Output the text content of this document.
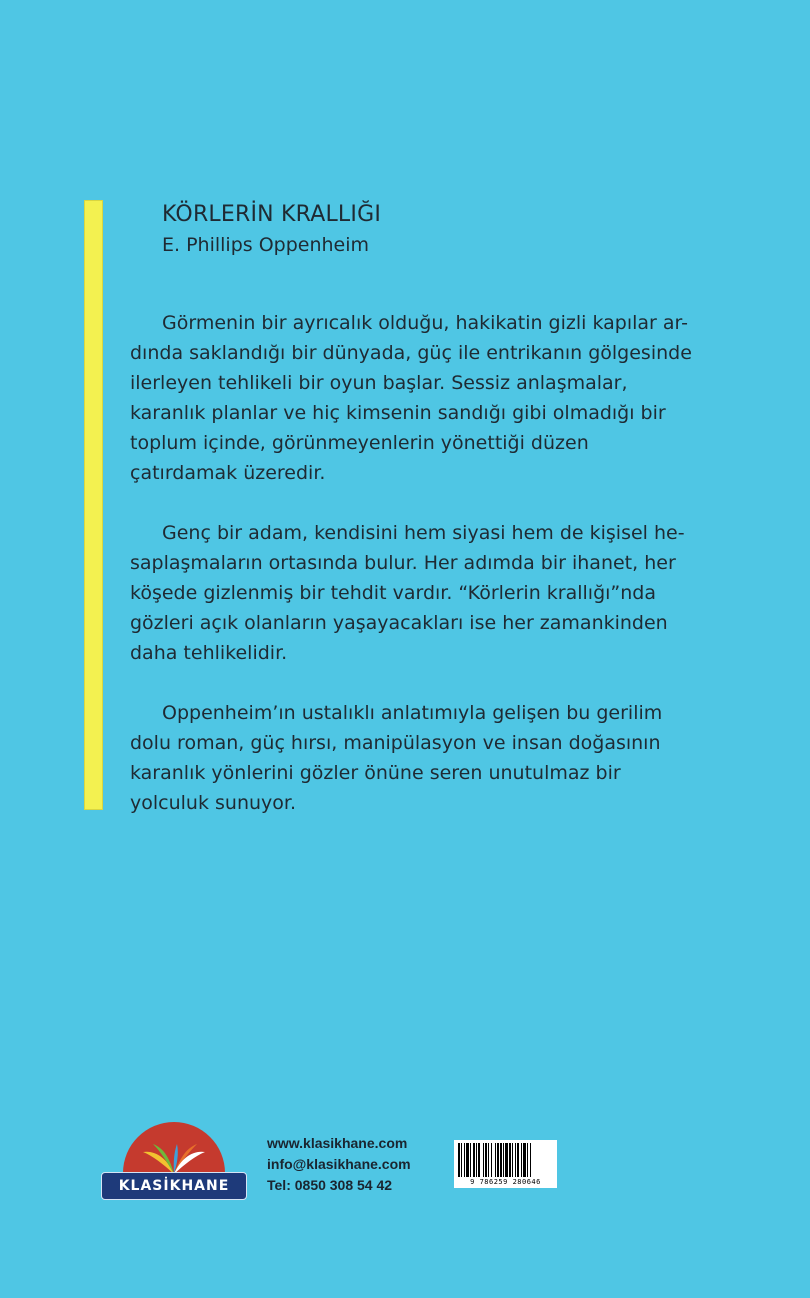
KÖRLERİN KRALLIĞI
E. Phillips Oppenheim

Görmenin bir ayrıcalık olduğu, hakikatin gizli kapılar ar-
dında saklandığı bir dünyada, güç ile entrikanın gölgesinde
ilerleyen tehlikeli bir oyun başlar. Sessiz anlaşmalar,
karanlık planlar ve hiç kimsenin sandığı gibi olmadığı bir
toplum içinde, görünmeyenlerin yönettiği düzen
çatırdamak üzeredir.

Genç bir adam, kendisini hem siyasi hem de kişisel he-
saplaşmaların ortasında bulur. Her adımda bir ihanet, her
köşede gizlenmiş bir tehdit vardır. “Körlerin krallığı”nda
gözleri açık olanların yaşayacakları ise her zamankinden
daha tehlikelidir.

Oppenheim’ın ustalıklı anlatımıyla gelişen bu gerilim
dolu roman, güç hırsı, manipülasyon ve insan doğasının
karanlık yönlerini gözler önüne seren unutulmaz bir
yolculuk sunuyor.

KLASİKHANE
www.klasikhane.com
info@klasikhane.com
Tel: 0850 308 54 42	9 786259 280646
